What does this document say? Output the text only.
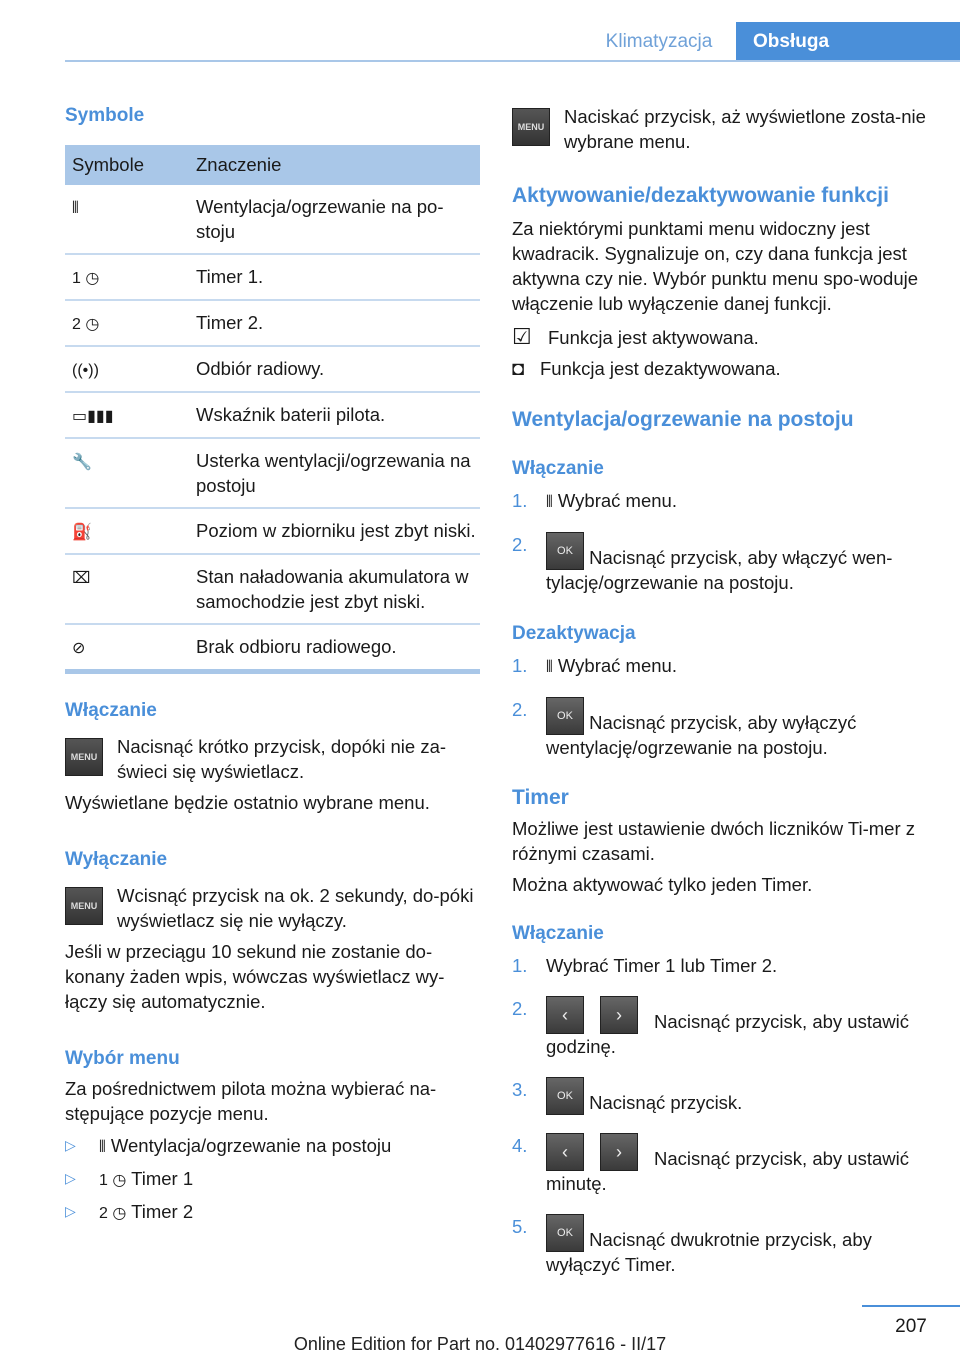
Klimatyzacja	Obsługa
Symbole
Symbole	Znaczenie
⫴	Wentylacja/ogrzewanie na po-stoju
1 ◷	Timer 1.
2 ◷	Timer 2.
((•))	Odbiór radiowy.
▭▮▮▮	Wskaźnik baterii pilota.
🔧	Usterka wentylacji/ogrzewania na postoju
⛽	Poziom w zbiorniku jest zbyt niski.
⌧	Stan naładowania akumulatora w samochodzie jest zbyt niski.
⊘	Brak odbioru radiowego.
Włączanie
MENU	Nacisnąć krótko przycisk, dopóki nie za-świeci się wyświetlacz.

Wyświetlane będzie ostatnio wybrane menu.

Wyłączanie
MENU	Wcisnąć przycisk na ok. 2 sekundy, do-póki wyświetlacz się nie wyłączy.

Jeśli w przeciągu 10 sekund nie zostanie do-konany żaden wpis, wówczas wyświetlacz wy-łączy się automatycznie.

Wybór menu

Za pośrednictwem pilota można wybierać na-stępujące pozycje menu.

▷	⫴ Wentylacja/ogrzewanie na postoju
▷	1 ◷ Timer 1
▷	2 ◷ Timer 2
MENU	Naciskać przycisk, aż wyświetlone zosta-nie wybrane menu.

Aktywowanie/dezaktywowanie funkcji

Za niektórymi punktami menu widoczny jest kwadracik. Sygnalizuje on, czy dana funkcja jest aktywna czy nie. Wybór punktu menu spo-woduje włączenie lub wyłączenie danej funkcji.

☑ Funkcja jest aktywowana.

◘ Funkcja jest dezaktywowana.

Wentylacja/ogrzewanie na postoju
Włączanie
1.	⫴ Wybrać menu.
2.	OK Nacisnąć przycisk, aby włączyć wen-tylację/ogrzewanie na postoju.
Dezaktywacja
1.	⫴ Wybrać menu.
2.	OK Nacisnąć przycisk, aby wyłączyć wentylację/ogrzewanie na postoju.
Timer

Możliwe jest ustawienie dwóch liczników Ti-mer z różnymi czasami.

Można aktywować tylko jeden Timer.

Włączanie
1.	Wybrać Timer 1 lub Timer 2.
2.	‹	› Nacisnąć przycisk, aby ustawić godzinę.
3.	OK Nacisnąć przycisk.
4.	‹	› Nacisnąć przycisk, aby ustawić minutę.
5.	OK Nacisnąć dwukrotnie przycisk, aby wyłączyć Timer.
207
Online Edition for Part no. 01402977616 - II/17
